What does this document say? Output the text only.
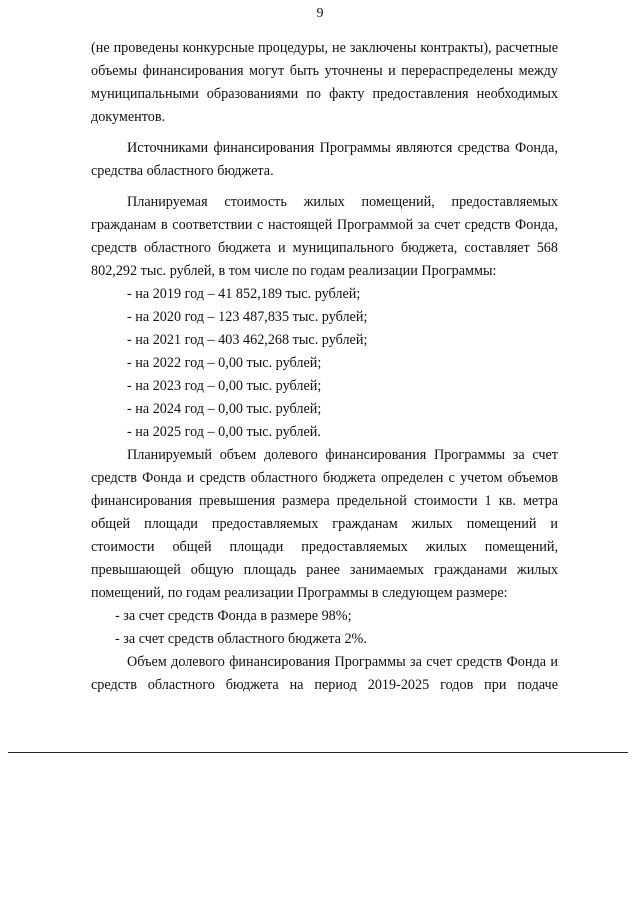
9

(не проведены конкурсные процедуры, не заключены контракты), расчетные объемы финансирования могут быть уточнены и перераспределены между муниципальными образованиями по факту предоставления необходимых документов.

Источниками финансирования Программы являются средства Фонда, средства областного бюджета.

Планируемая стоимость жилых помещений, предоставляемых гражданам в соответствии с настоящей Программой за счет средств Фонда, средств областного бюджета и муниципального бюджета, составляет 568 802,292 тыс. рублей, в том числе по годам реализации Программы:

- на 2019 год – 41 852,189 тыс. рублей;
- на 2020 год – 123 487,835 тыс. рублей;
- на 2021 год – 403 462,268 тыс. рублей;
- на 2022 год – 0,00 тыс. рублей;
- на 2023 год – 0,00 тыс. рублей;
- на 2024 год – 0,00 тыс. рублей;
- на 2025 год – 0,00 тыс. рублей.

Планируемый объем долевого финансирования Программы за счет средств Фонда и средств областного бюджета определен с учетом объемов финансирования превышения размера предельной стоимости 1 кв. метра общей площади предоставляемых гражданам жилых помещений и стоимости общей площади предоставляемых жилых помещений, превышающей общую площадь ранее занимаемых гражданами жилых помещений, по годам реализации Программы в следующем размере:

- за счет средств Фонда в размере 98%;
- за счет средств областного бюджета 2%.

Объем долевого финансирования Программы за счет средств Фонда и средств областного бюджета на период 2019-2025 годов при подаче
